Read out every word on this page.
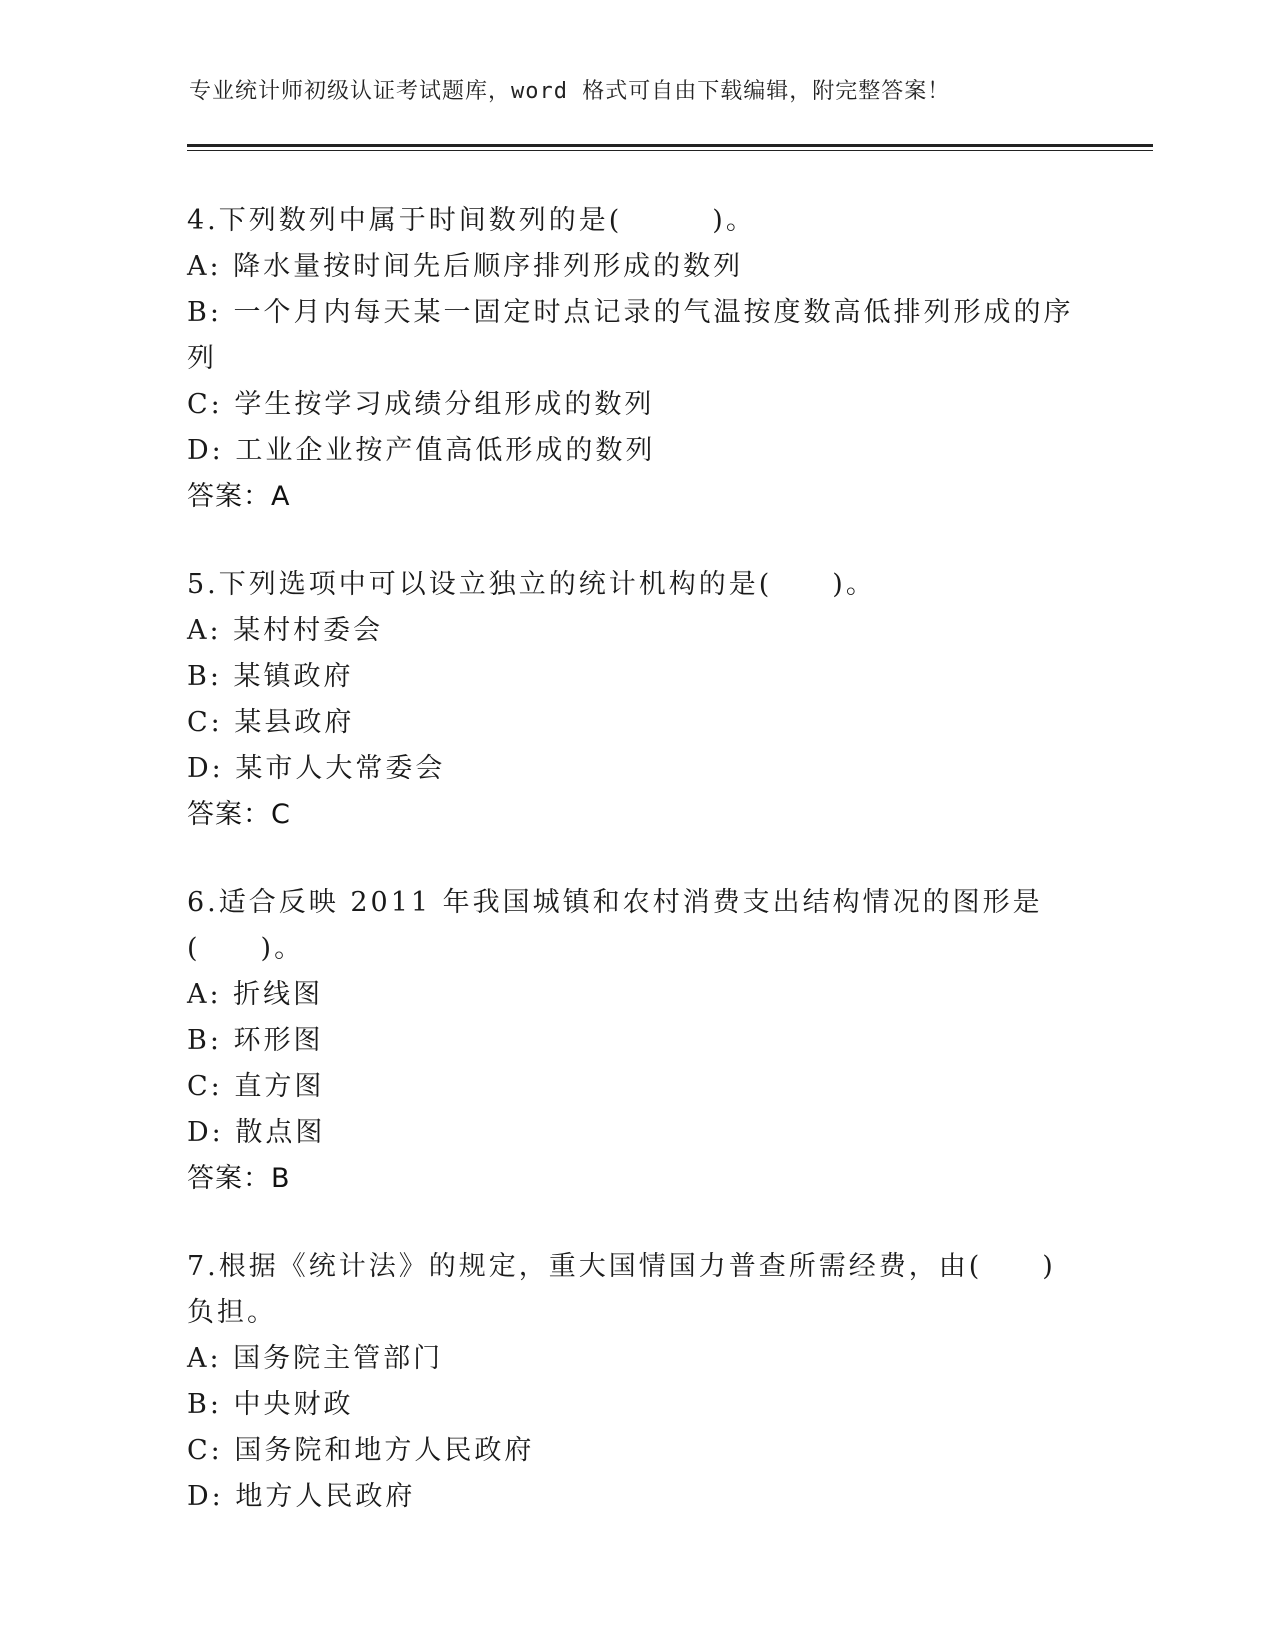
专业统计师初级认证考试题库，word 格式可自由下载编辑，附完整答案！
4.下列数列中属于时间数列的是(　　　)。
A: 降水量按时间先后顺序排列形成的数列
B: 一个月内每天某一固定时点记录的气温按度数高低排列形成的序列
C: 学生按学习成绩分组形成的数列
D: 工业企业按产值高低形成的数列
答案：A
5.下列选项中可以设立独立的统计机构的是(　　)。
A: 某村村委会
B: 某镇政府
C: 某县政府
D: 某市人大常委会
答案：C
6.适合反映 2011 年我国城镇和农村消费支出结构情况的图形是(　　)。
A: 折线图
B: 环形图
C: 直方图
D: 散点图
答案：B
7.根据《统计法》的规定，重大国情国力普查所需经费，由(　　)负担。
A: 国务院主管部门
B: 中央财政
C: 国务院和地方人民政府
D: 地方人民政府
